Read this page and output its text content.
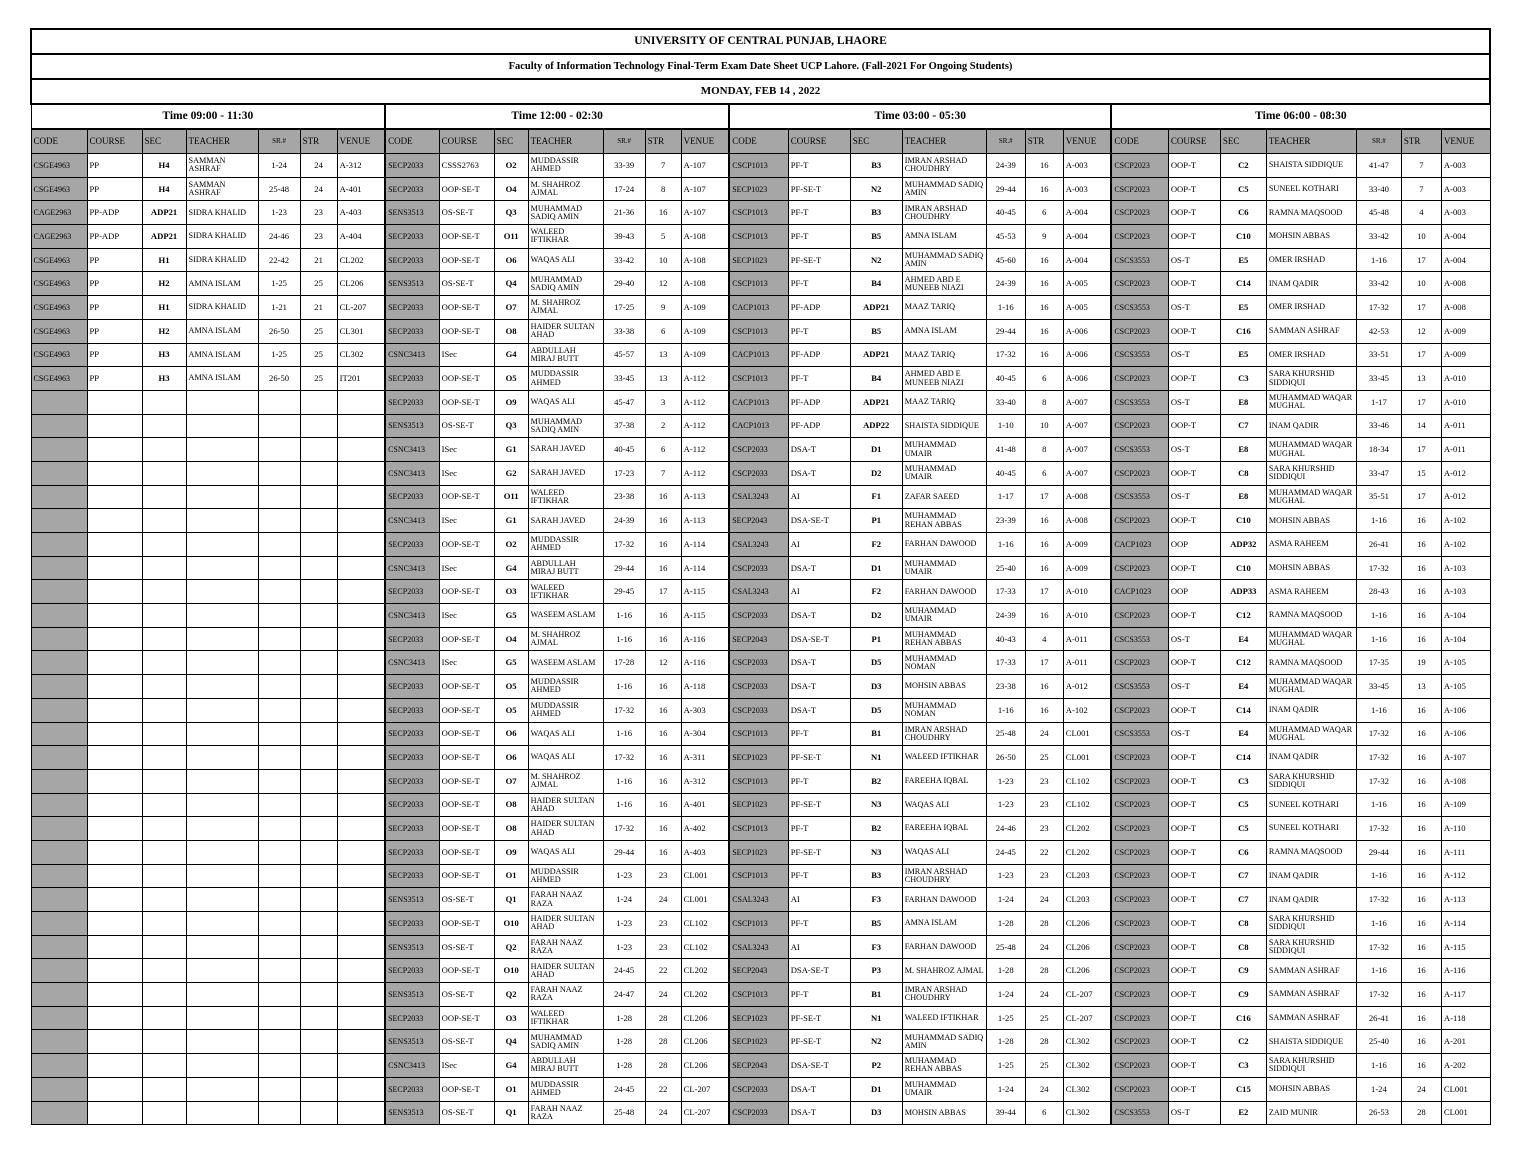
UNIVERSITY OF CENTRAL PUNJAB, LHAORE																											
Faculty of Information Technology Final-Term Exam Date Sheet UCP Lahore. (Fall-2021 For Ongoing Students)																											
MONDAY, FEB 14 , 2022																											
Time 09:00 - 11:30							Time 12:00 - 02:30							Time 03:00 - 05:30							Time 06:00 - 08:30						
CODE	COURSE	SEC	TEACHER	SR.#	STR	VENUE	CODE	COURSE	SEC	TEACHER	SR.#	STR	VENUE	CODE	COURSE	SEC	TEACHER	SR.#	STR	VENUE	CODE	COURSE	SEC	TEACHER	SR.#	STR	VENUE
CSGE4963	PP	H4	SAMMAN ASHRAF	1-24	24	A-312	SECP2033	CSSS2763	O2	MUDDASSIR AHMED	33-39	7	A-107	CSCP1013	PF-T	B3	IMRAN ARSHAD CHOUDHRY	24-39	16	A-003	CSCP2023	OOP-T	C2	SHAISTA SIDDIQUE	41-47	7	A-003
CSGE4963	PP	H4	SAMMAN ASHRAF	25-48	24	A-401	SECP2033	OOP-SE-T	O4	M. SHAHROZ AJMAL	17-24	8	A-107	SECP1023	PF-SE-T	N2	MUHAMMAD SADIQ AMIN	29-44	16	A-003	CSCP2023	OOP-T	C5	SUNEEL KOTHARI	33-40	7	A-003
CAGE2963	PP-ADP	ADP21	SIDRA KHALID	1-23	23	A-403	SENS3513	OS-SE-T	Q3	MUHAMMAD SADIQ AMIN	21-36	16	A-107	CSCP1013	PF-T	B3	IMRAN ARSHAD CHOUDHRY	40-45	6	A-004	CSCP2023	OOP-T	C6	RAMNA MAQSOOD	45-48	4	A-003
CAGE2963	PP-ADP	ADP21	SIDRA KHALID	24-46	23	A-404	SECP2033	OOP-SE-T	O11	WALEED IFTIKHAR	39-43	5	A-108	CSCP1013	PF-T	B5	AMNA ISLAM	45-53	9	A-004	CSCP2023	OOP-T	C10	MOHSIN ABBAS	33-42	10	A-004
CSGE4963	PP	H1	SIDRA KHALID	22-42	21	CL202	SECP2033	OOP-SE-T	O6	WAQAS ALI	33-42	10	A-108	SECP1023	PF-SE-T	N2	MUHAMMAD SADIQ AMIN	45-60	16	A-004	CSCS3553	OS-T	E5	OMER IRSHAD	1-16	17	A-004
CSGE4963	PP	H2	AMNA ISLAM	1-25	25	CL206	SENS3513	OS-SE-T	Q4	MUHAMMAD SADIQ AMIN	29-40	12	A-108	CSCP1013	PF-T	B4	AHMED ABD E MUNEEB NIAZI	24-39	16	A-005	CSCP2023	OOP-T	C14	INAM QADIR	33-42	10	A-008
CSGE4963	PP	H1	SIDRA KHALID	1-21	21	CL-207	SECP2033	OOP-SE-T	O7	M. SHAHROZ AJMAL	17-25	9	A-109	CACP1013	PF-ADP	ADP21	MAAZ TARIQ	1-16	16	A-005	CSCS3553	OS-T	E5	OMER IRSHAD	17-32	17	A-008
CSGE4963	PP	H2	AMNA ISLAM	26-50	25	CL301	SECP2033	OOP-SE-T	O8	HAIDER SULTAN AHAD	33-38	6	A-109	CSCP1013	PF-T	B5	AMNA ISLAM	29-44	16	A-006	CSCP2023	OOP-T	C16	SAMMAN ASHRAF	42-53	12	A-009
CSGE4963	PP	H3	AMNA ISLAM	1-25	25	CL302	CSNC3413	ISec	G4	ABDULLAH MIRAJ BUTT	45-57	13	A-109	CACP1013	PF-ADP	ADP21	MAAZ TARIQ	17-32	16	A-006	CSCS3553	OS-T	E5	OMER IRSHAD	33-51	17	A-009
CSGE4963	PP	H3	AMNA ISLAM	26-50	25	IT201	SECP2033	OOP-SE-T	O5	MUDDASSIR AHMED	33-45	13	A-112	CSCP1013	PF-T	B4	AHMED ABD E MUNEEB NIAZI	40-45	6	A-006	CSCP2023	OOP-T	C3	SARA KHURSHID SIDDIQUI	33-45	13	A-010
							SECP2033	OOP-SE-T	O9	WAQAS ALI	45-47	3	A-112	CACP1013	PF-ADP	ADP21	MAAZ TARIQ	33-40	8	A-007	CSCS3553	OS-T	E8	MUHAMMAD WAQAR MUGHAL	1-17	17	A-010
							SENS3513	OS-SE-T	Q3	MUHAMMAD SADIQ AMIN	37-38	2	A-112	CACP1013	PF-ADP	ADP22	SHAISTA SIDDIQUE	1-10	10	A-007	CSCP2023	OOP-T	C7	INAM QADIR	33-46	14	A-011
							CSNC3413	ISec	G1	SARAH JAVED	40-45	6	A-112	CSCP2033	DSA-T	D1	MUHAMMAD UMAIR	41-48	8	A-007	CSCS3553	OS-T	E8	MUHAMMAD WAQAR MUGHAL	18-34	17	A-011
							CSNC3413	ISec	G2	SARAH JAVED	17-23	7	A-112	CSCP2033	DSA-T	D2	MUHAMMAD UMAIR	40-45	6	A-007	CSCP2023	OOP-T	C8	SARA KHURSHID SIDDIQUI	33-47	15	A-012
							SECP2033	OOP-SE-T	O11	WALEED IFTIKHAR	23-38	16	A-113	CSAL3243	AI	F1	ZAFAR SAEED	1-17	17	A-008	CSCS3553	OS-T	E8	MUHAMMAD WAQAR MUGHAL	35-51	17	A-012
							CSNC3413	ISec	G1	SARAH JAVED	24-39	16	A-113	SECP2043	DSA-SE-T	P1	MUHAMMAD REHAN ABBAS	23-39	16	A-008	CSCP2023	OOP-T	C10	MOHSIN ABBAS	1-16	16	A-102
							SECP2033	OOP-SE-T	O2	MUDDASSIR AHMED	17-32	16	A-114	CSAL3243	AI	F2	FARHAN DAWOOD	1-16	16	A-009	CACP1023	OOP	ADP32	ASMA RAHEEM	26-41	16	A-102
							CSNC3413	ISec	G4	ABDULLAH MIRAJ BUTT	29-44	16	A-114	CSCP2033	DSA-T	D1	MUHAMMAD UMAIR	25-40	16	A-009	CSCP2023	OOP-T	C10	MOHSIN ABBAS	17-32	16	A-103
							SECP2033	OOP-SE-T	O3	WALEED IFTIKHAR	29-45	17	A-115	CSAL3243	AI	F2	FARHAN DAWOOD	17-33	17	A-010	CACP1023	OOP	ADP33	ASMA RAHEEM	28-43	16	A-103
							CSNC3413	ISec	G5	WASEEM ASLAM	1-16	16	A-115	CSCP2033	DSA-T	D2	MUHAMMAD UMAIR	24-39	16	A-010	CSCP2023	OOP-T	C12	RAMNA MAQSOOD	1-16	16	A-104
							SECP2033	OOP-SE-T	O4	M. SHAHROZ AJMAL	1-16	16	A-116	SECP2043	DSA-SE-T	P1	MUHAMMAD REHAN ABBAS	40-43	4	A-011	CSCS3553	OS-T	E4	MUHAMMAD WAQAR MUGHAL	1-16	16	A-104
							CSNC3413	ISec	G5	WASEEM ASLAM	17-28	12	A-116	CSCP2033	DSA-T	D5	MUHAMMAD NOMAN	17-33	17	A-011	CSCP2023	OOP-T	C12	RAMNA MAQSOOD	17-35	19	A-105
							SECP2033	OOP-SE-T	O5	MUDDASSIR AHMED	1-16	16	A-118	CSCP2033	DSA-T	D3	MOHSIN ABBAS	23-38	16	A-012	CSCS3553	OS-T	E4	MUHAMMAD WAQAR MUGHAL	33-45	13	A-105
							SECP2033	OOP-SE-T	O5	MUDDASSIR AHMED	17-32	16	A-303	CSCP2033	DSA-T	D5	MUHAMMAD NOMAN	1-16	16	A-102	CSCP2023	OOP-T	C14	INAM QADIR	1-16	16	A-106
							SECP2033	OOP-SE-T	O6	WAQAS ALI	1-16	16	A-304	CSCP1013	PF-T	B1	IMRAN ARSHAD CHOUDHRY	25-48	24	CL001	CSCS3553	OS-T	E4	MUHAMMAD WAQAR MUGHAL	17-32	16	A-106
							SECP2033	OOP-SE-T	O6	WAQAS ALI	17-32	16	A-311	SECP1023	PF-SE-T	N1	WALEED IFTIKHAR	26-50	25	CL001	CSCP2023	OOP-T	C14	INAM QADIR	17-32	16	A-107
							SECP2033	OOP-SE-T	O7	M. SHAHROZ AJMAL	1-16	16	A-312	CSCP1013	PF-T	B2	FAREEHA IQBAL	1-23	23	CL102	CSCP2023	OOP-T	C3	SARA KHURSHID SIDDIQUI	17-32	16	A-108
							SECP2033	OOP-SE-T	O8	HAIDER SULTAN AHAD	1-16	16	A-401	SECP1023	PF-SE-T	N3	WAQAS ALI	1-23	23	CL102	CSCP2023	OOP-T	C5	SUNEEL KOTHARI	1-16	16	A-109
							SECP2033	OOP-SE-T	O8	HAIDER SULTAN AHAD	17-32	16	A-402	CSCP1013	PF-T	B2	FAREEHA IQBAL	24-46	23	CL202	CSCP2023	OOP-T	C5	SUNEEL KOTHARI	17-32	16	A-110
							SECP2033	OOP-SE-T	O9	WAQAS ALI	29-44	16	A-403	SECP1023	PF-SE-T	N3	WAQAS ALI	24-45	22	CL202	CSCP2023	OOP-T	C6	RAMNA MAQSOOD	29-44	16	A-111
							SECP2033	OOP-SE-T	O1	MUDDASSIR AHMED	1-23	23	CL001	CSCP1013	PF-T	B3	IMRAN ARSHAD CHOUDHRY	1-23	23	CL203	CSCP2023	OOP-T	C7	INAM QADIR	1-16	16	A-112
							SENS3513	OS-SE-T	Q1	FARAH NAAZ RAZA	1-24	24	CL001	CSAL3243	AI	F3	FARHAN DAWOOD	1-24	24	CL203	CSCP2023	OOP-T	C7	INAM QADIR	17-32	16	A-113
							SECP2033	OOP-SE-T	O10	HAIDER SULTAN AHAD	1-23	23	CL102	CSCP1013	PF-T	B5	AMNA ISLAM	1-28	28	CL206	CSCP2023	OOP-T	C8	SARA KHURSHID SIDDIQUI	1-16	16	A-114
							SENS3513	OS-SE-T	Q2	FARAH NAAZ RAZA	1-23	23	CL102	CSAL3243	AI	F3	FARHAN DAWOOD	25-48	24	CL206	CSCP2023	OOP-T	C8	SARA KHURSHID SIDDIQUI	17-32	16	A-115
							SECP2033	OOP-SE-T	O10	HAIDER SULTAN AHAD	24-45	22	CL202	SECP2043	DSA-SE-T	P3	M. SHAHROZ AJMAL	1-28	28	CL206	CSCP2023	OOP-T	C9	SAMMAN ASHRAF	1-16	16	A-116
							SENS3513	OS-SE-T	Q2	FARAH NAAZ RAZA	24-47	24	CL202	CSCP1013	PF-T	B1	IMRAN ARSHAD CHOUDHRY	1-24	24	CL-207	CSCP2023	OOP-T	C9	SAMMAN ASHRAF	17-32	16	A-117
							SECP2033	OOP-SE-T	O3	WALEED IFTIKHAR	1-28	28	CL206	SECP1023	PF-SE-T	N1	WALEED IFTIKHAR	1-25	25	CL-207	CSCP2023	OOP-T	C16	SAMMAN ASHRAF	26-41	16	A-118
							SENS3513	OS-SE-T	Q4	MUHAMMAD SADIQ AMIN	1-28	28	CL206	SECP1023	PF-SE-T	N2	MUHAMMAD SADIQ AMIN	1-28	28	CL302	CSCP2023	OOP-T	C2	SHAISTA SIDDIQUE	25-40	16	A-201
							CSNC3413	ISec	G4	ABDULLAH MIRAJ BUTT	1-28	28	CL206	SECP2043	DSA-SE-T	P2	MUHAMMAD REHAN ABBAS	1-25	25	CL302	CSCP2023	OOP-T	C3	SARA KHURSHID SIDDIQUI	1-16	16	A-202
							SECP2033	OOP-SE-T	O1	MUDDASSIR AHMED	24-45	22	CL-207	CSCP2033	DSA-T	D1	MUHAMMAD UMAIR	1-24	24	CL302	CSCP2023	OOP-T	C15	MOHSIN ABBAS	1-24	24	CL001
							SENS3513	OS-SE-T	Q1	FARAH NAAZ RAZA	25-48	24	CL-207	CSCP2033	DSA-T	D3	MOHSIN ABBAS	39-44	6	CL302	CSCS3553	OS-T	E2	ZAID MUNIR	26-53	28	CL001
